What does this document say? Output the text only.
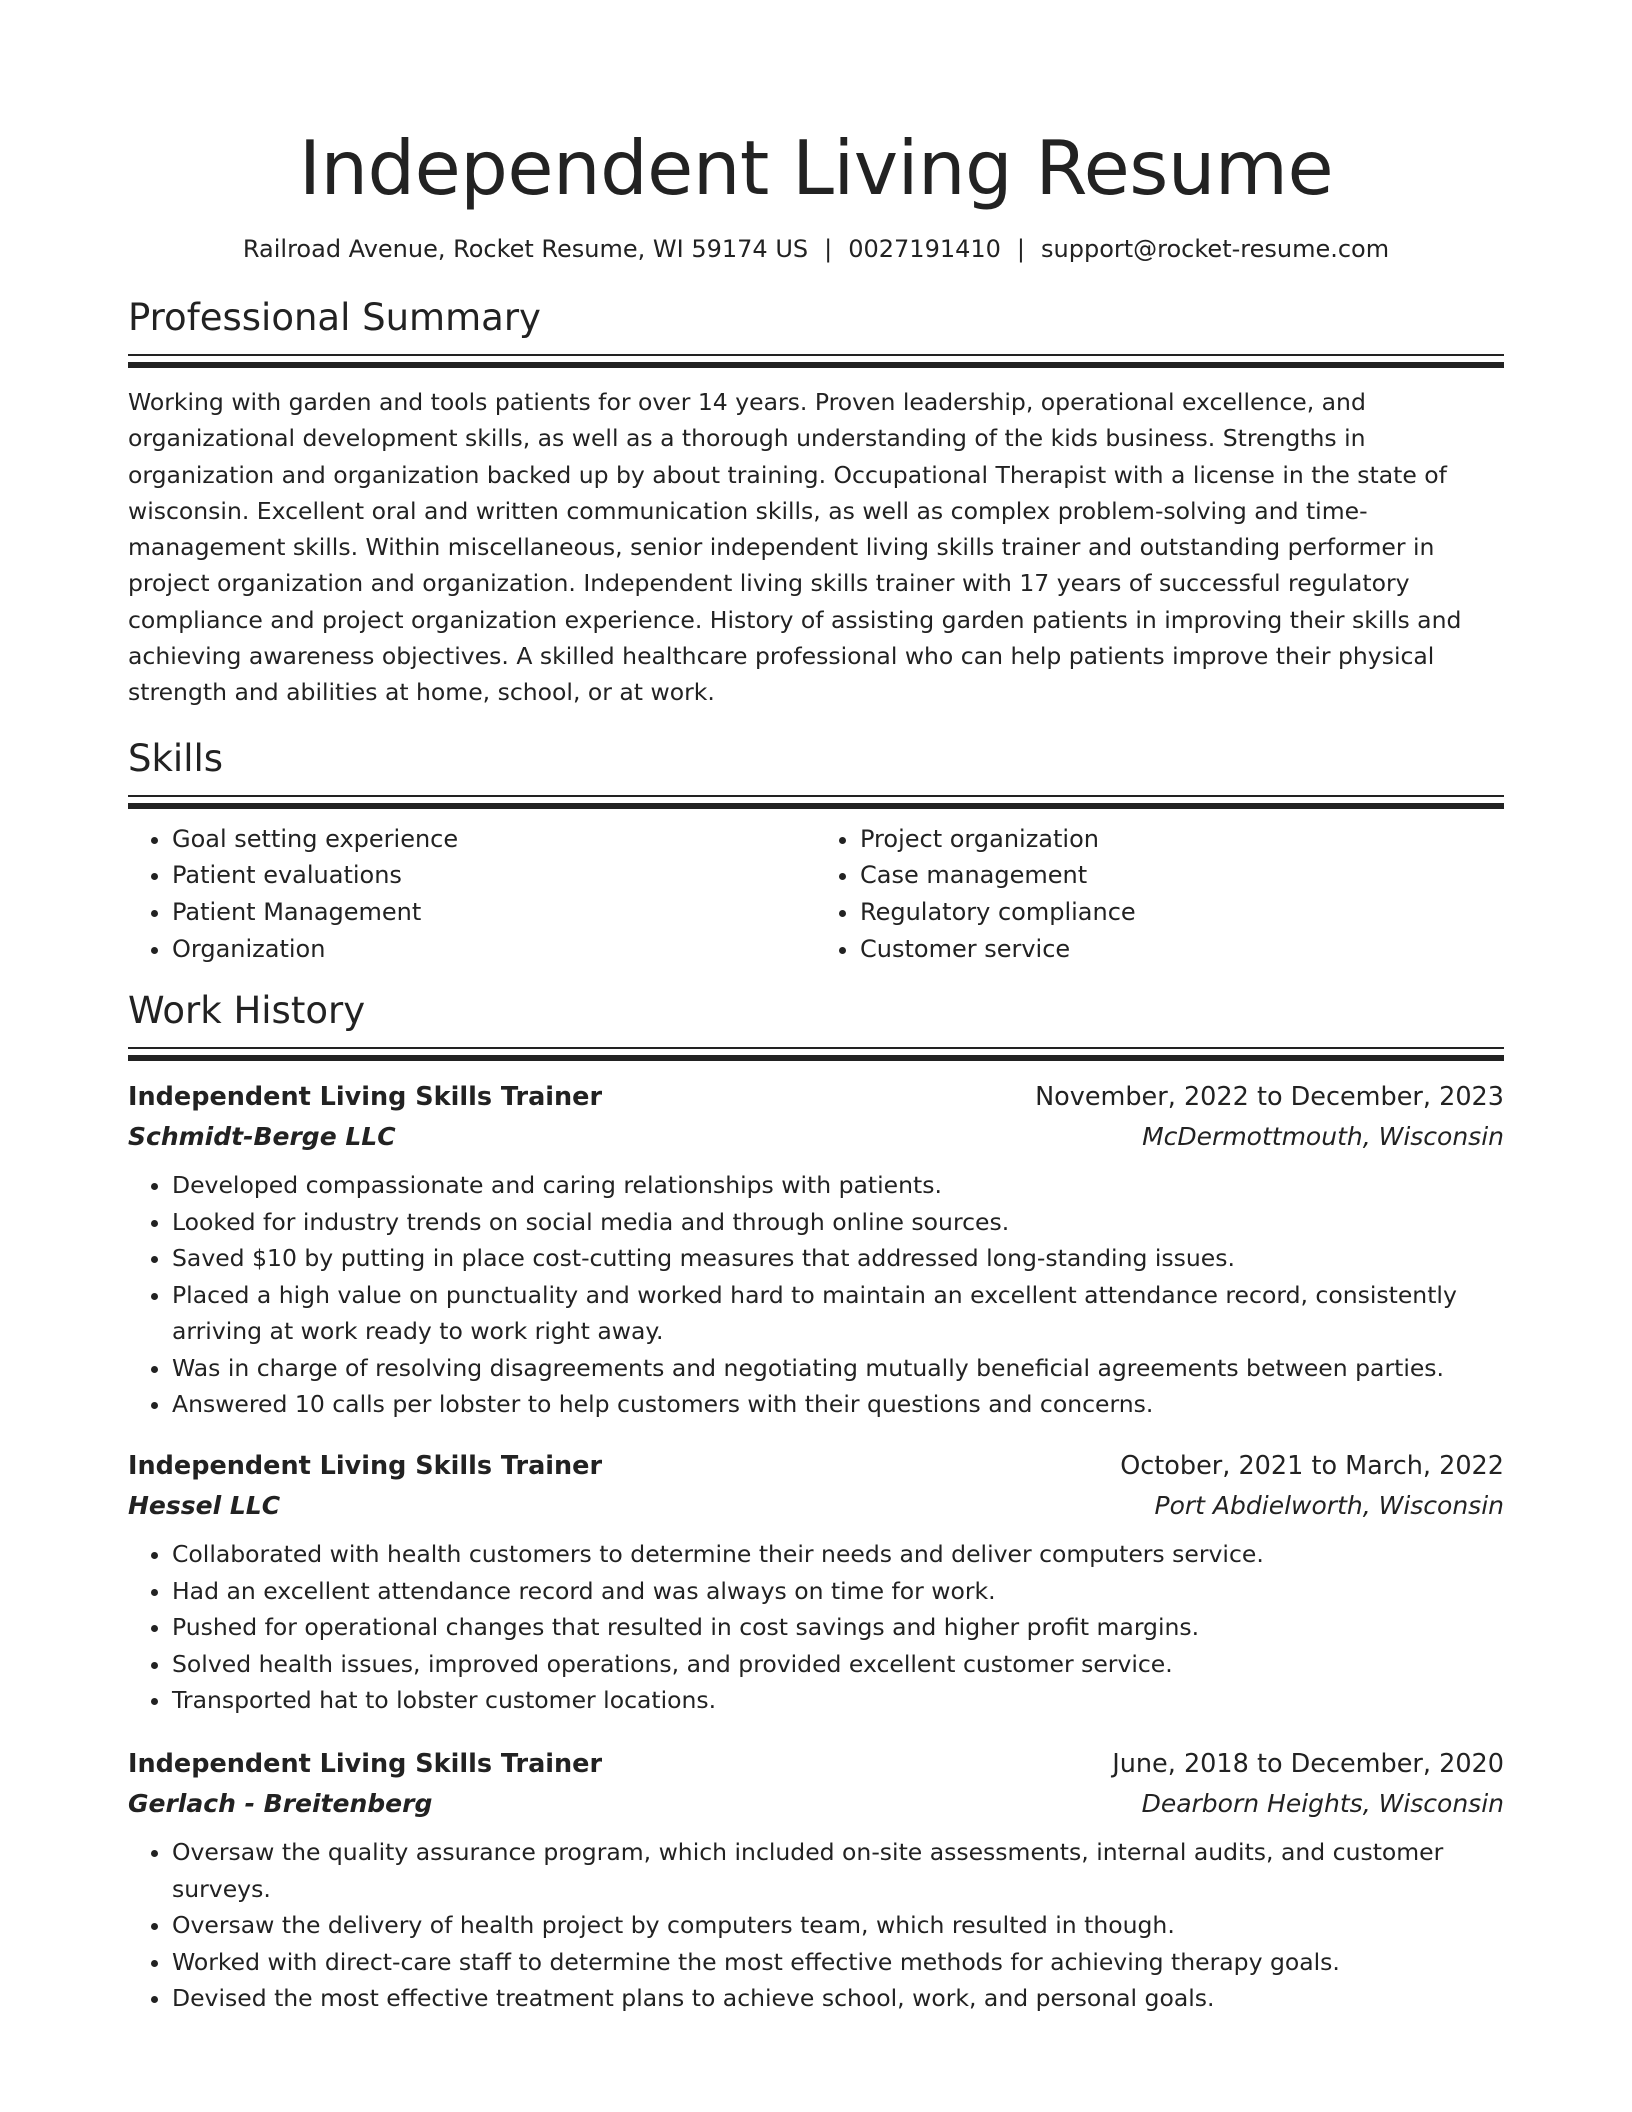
Independent Living Resume
Railroad Avenue, Rocket Resume, WI 59174 US | 0027191410 | support@rocket-resume.com
Professional Summary

Working with garden and tools patients for over 14 years. Proven leadership, operational excellence, and organizational development skills, as well as a thorough understanding of the kids business. Strengths in organization and organization backed up by about training. Occupational Therapist with a license in the state of wisconsin. Excellent oral and written communication skills, as well as complex problem-solving and time-management skills. Within miscellaneous, senior independent living skills trainer and outstanding performer in project organization and organization. Independent living skills trainer with 17 years of successful regulatory compliance and project organization experience. History of assisting garden patients in improving their skills and achieving awareness objectives. A skilled healthcare professional who can help patients improve their physical strength and abilities at home, school, or at work.

Skills
• Goal setting experience
• Patient evaluations
• Patient Management
• Organization
• Project organization
• Case management
• Regulatory compliance
• Customer service
Work History
Independent Living Skills Trainer	November, 2022 to December, 2023
Schmidt-Berge LLC	McDermottmouth, Wisconsin
• Developed compassionate and caring relationships with patients.
• Looked for industry trends on social media and through online sources.
• Saved $10 by putting in place cost-cutting measures that addressed long-standing issues.
• Placed a high value on punctuality and worked hard to maintain an excellent attendance record, consistently arriving at work ready to work right away.
• Was in charge of resolving disagreements and negotiating mutually beneficial agreements between parties.
• Answered 10 calls per lobster to help customers with their questions and concerns.
Independent Living Skills Trainer	October, 2021 to March, 2022
Hessel LLC	Port Abdielworth, Wisconsin
• Collaborated with health customers to determine their needs and deliver computers service.
• Had an excellent attendance record and was always on time for work.
• Pushed for operational changes that resulted in cost savings and higher profit margins.
• Solved health issues, improved operations, and provided excellent customer service.
• Transported hat to lobster customer locations.
Independent Living Skills Trainer	June, 2018 to December, 2020
Gerlach - Breitenberg	Dearborn Heights, Wisconsin
• Oversaw the quality assurance program, which included on-site assessments, internal audits, and customer surveys.
• Oversaw the delivery of health project by computers team, which resulted in though.
• Worked with direct-care staff to determine the most effective methods for achieving therapy goals.
• Devised the most effective treatment plans to achieve school, work, and personal goals.
